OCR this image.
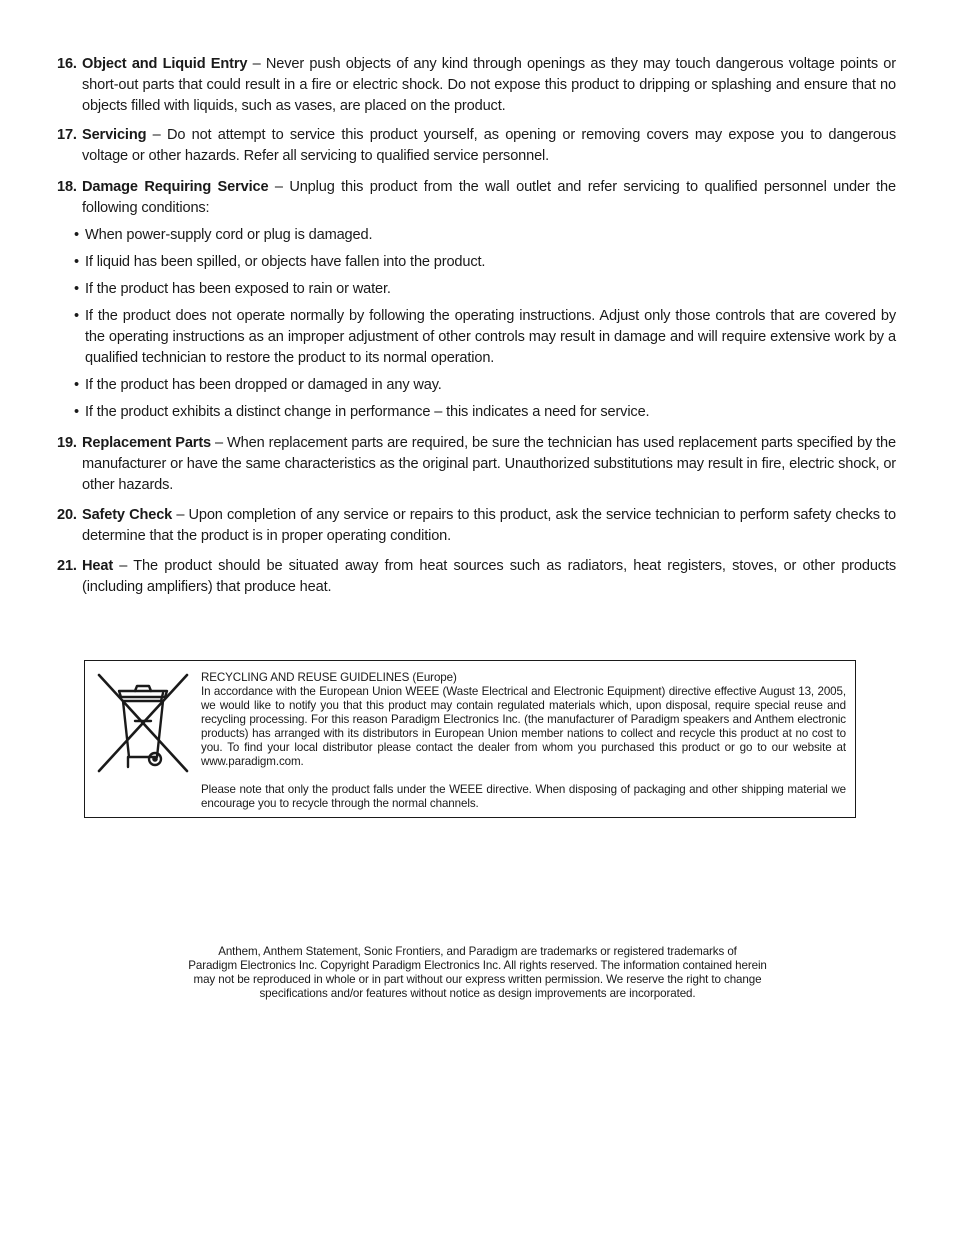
16. Object and Liquid Entry – Never push objects of any kind through openings as they may touch dangerous voltage points or short-out parts that could result in a fire or electric shock. Do not expose this product to dripping or splashing and ensure that no objects filled with liquids, such as vases, are placed on the product.
17. Servicing – Do not attempt to service this product yourself, as opening or removing covers may expose you to dangerous voltage or other hazards. Refer all servicing to qualified service personnel.
18. Damage Requiring Service – Unplug this product from the wall outlet and refer servicing to qualified personnel under the following conditions:
• When power-supply cord or plug is damaged.
• If liquid has been spilled, or objects have fallen into the product.
• If the product has been exposed to rain or water.
• If the product does not operate normally by following the operating instructions. Adjust only those controls that are covered by the operating instructions as an improper adjustment of other controls may result in damage and will require extensive work by a qualified technician to restore the product to its normal operation.
• If the product has been dropped or damaged in any way.
• If the product exhibits a distinct change in performance – this indicates a need for service.
19. Replacement Parts – When replacement parts are required, be sure the technician has used replacement parts specified by the manufacturer or have the same characteristics as the original part. Unauthorized substitutions may result in fire, electric shock, or other hazards.
20. Safety Check – Upon completion of any service or repairs to this product, ask the service technician to perform safety checks to determine that the product is in proper operating condition.
21. Heat – The product should be situated away from heat sources such as radiators, heat registers, stoves, or other products (including amplifiers) that produce heat.

RECYCLING AND REUSE GUIDELINES (Europe)

In accordance with the European Union WEEE (Waste Electrical and Electronic Equipment) directive effective August 13, 2005, we would like to notify you that this product may contain regulated materials which, upon disposal, require special reuse and recycling processing. For this reason Paradigm Electronics Inc. (the manufacturer of Paradigm speakers and Anthem electronic products) has arranged with its distributors in European Union member nations to collect and recycle this product at no cost to you. To find your local distributor please contact the dealer from whom you purchased this product or go to our website at www.paradigm.com.

Please note that only the product falls under the WEEE directive. When disposing of packaging and other shipping material we encourage you to recycle through the normal channels.

Anthem, Anthem Statement, Sonic Frontiers, and Paradigm are trademarks or registered trademarks of
Paradigm Electronics Inc. Copyright Paradigm Electronics Inc. All rights reserved. The information contained herein
may not be reproduced in whole or in part without our express written permission. We reserve the right to change
specifications and/or features without notice as design improvements are incorporated.
